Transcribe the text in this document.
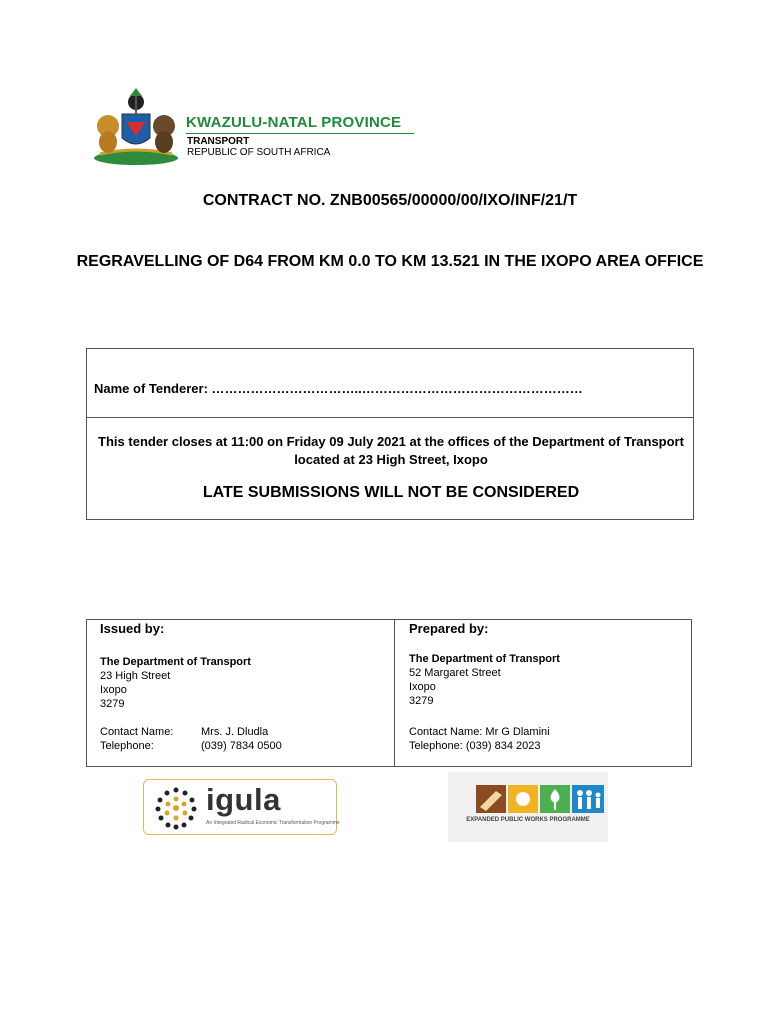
KWAZULU-NATAL PROVINCE
TRANSPORT
REPUBLIC OF SOUTH AFRICA
CONTRACT NO. ZNB00565/00000/00/IXO/INF/21/T
REGRAVELLING OF D64 FROM KM 0.0 TO KM 13.521 IN THE IXOPO AREA OFFICE
Name of Tenderer: ……………………………..……………………………………………
This tender closes at 11:00 on Friday 09 July 2021 at the offices of the Department of Transport located at 23 High Street, Ixopo
LATE SUBMISSIONS WILL NOT BE CONSIDERED
Issued by:
The Department of Transport
23 High Street
Ixopo
3279
Contact Name:	Mrs. J. Dludla
Telephone:	(039) 7834 0500
Prepared by:
The Department of Transport
52 Margaret Street
Ixopo
3279
Contact Name: Mr G Dlamini
Telephone: (039) 834 2023
igula
An Integrated Radical Economic Transformation Programme	EXPANDED PUBLIC WORKS PROGRAMME
